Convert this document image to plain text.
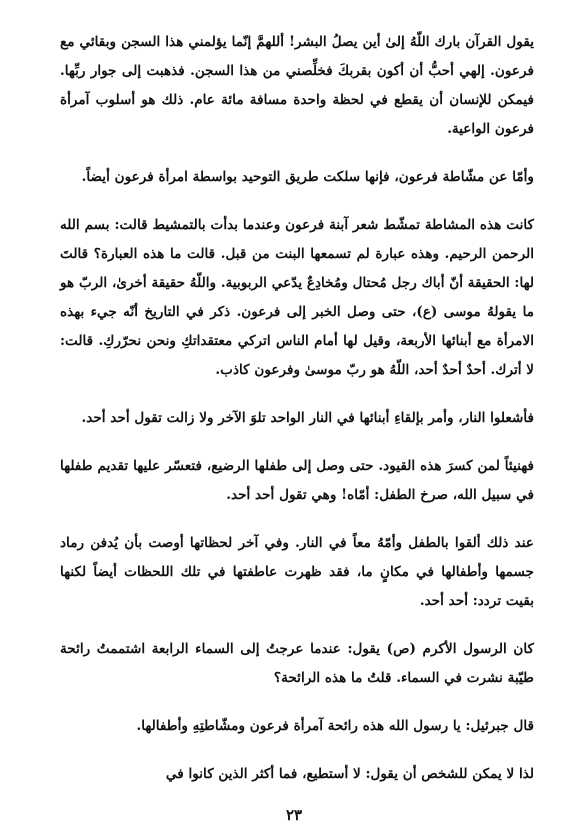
يقول القرآن بارك اللّهُ إلىٰ أين يصلُ البشر! أللهمَّ إنّما يؤلمني هذا السجن وبقائي مع فرعون. إلهي أحبُّ أن أكون بقربكَ فخلِّصني من هذا السجن. فذهبت إلى جوار ربِّها. فيمكن للإنسان أن يقطع في لحظة واحدة مسافة مائة عام. ذلك هو أسلوب آمرأة فرعون الواعية.

وأمّا عن مشّاطة فرعون، فإنها سلكت طريق التوحيد بواسطة امرأة فرعون أيضاً.

كانت هذه المشاطة تمشّط شعر آبنة فرعون وعندما بدأت بالتمشيط قالت: بسم الله الرحمن الرحيم. وهذه عبارة لم تسمعها البنت من قبل. قالت ما هذه العبارة؟ قالتَ لها: الحقيقة أنّ أباك رجل مُحتال ومُخادِعٌ يدّعي الربوبية. واللّهُ حقيقة أخرىٰ، الربّ هو ما يقولهُ موسى (ع)، حتى وصل الخبر إلى فرعون. ذكر في التاريخ أنّه جيء بهذه الامرأة مع أبنائها الأربعة، وقيل لها أمام الناس اتركي معتقداتكِ ونحن نحرّركِ. قالت: لا أترك. أحدٌ أحدٌ أحد، اللّهُ هو ربّ موسىٰ وفرعون كاذب.

فأشعلوا النار، وأمر بإلقاءِ أبنائها في النار الواحد تلوَ الآخر ولا زالت تقول أحد أحد.

فهنيئاً لمن كسرَ هذه القيود. حتى وصل إلى طفلها الرضيع، فتعسّر عليها تقديم طفلها في سبيل الله، صرخ الطفل: أمّاه! وهي تقول أحد أحد.

عند ذلك ألقوا بالطفل وأمّهُ معاً في النار. وفي آخر لحظاتها أوصت بأن يُدفن رماد جسمها وأطفالها في مكانٍ ما، فقد ظهرت عاطفتها في تلك اللحظات أيضاً لكنها بقيت تردد: أحد أحد.

كان الرسول الأكرم (ص) يقول: عندما عرجتُ إلى السماء الرابعة اشتممتُ رائحة طيّبة نشرت في السماء. قلتُ ما هذه الرائحة؟

قال جبرئيل: يا رسول الله هذه رائحة آمرأة فرعون ومشّاطتِهِ وأطفالها.

لذا لا يمكن للشخص أن يقول: لا أستطيع، فما أكثر الذين كانوا في

٢٣
